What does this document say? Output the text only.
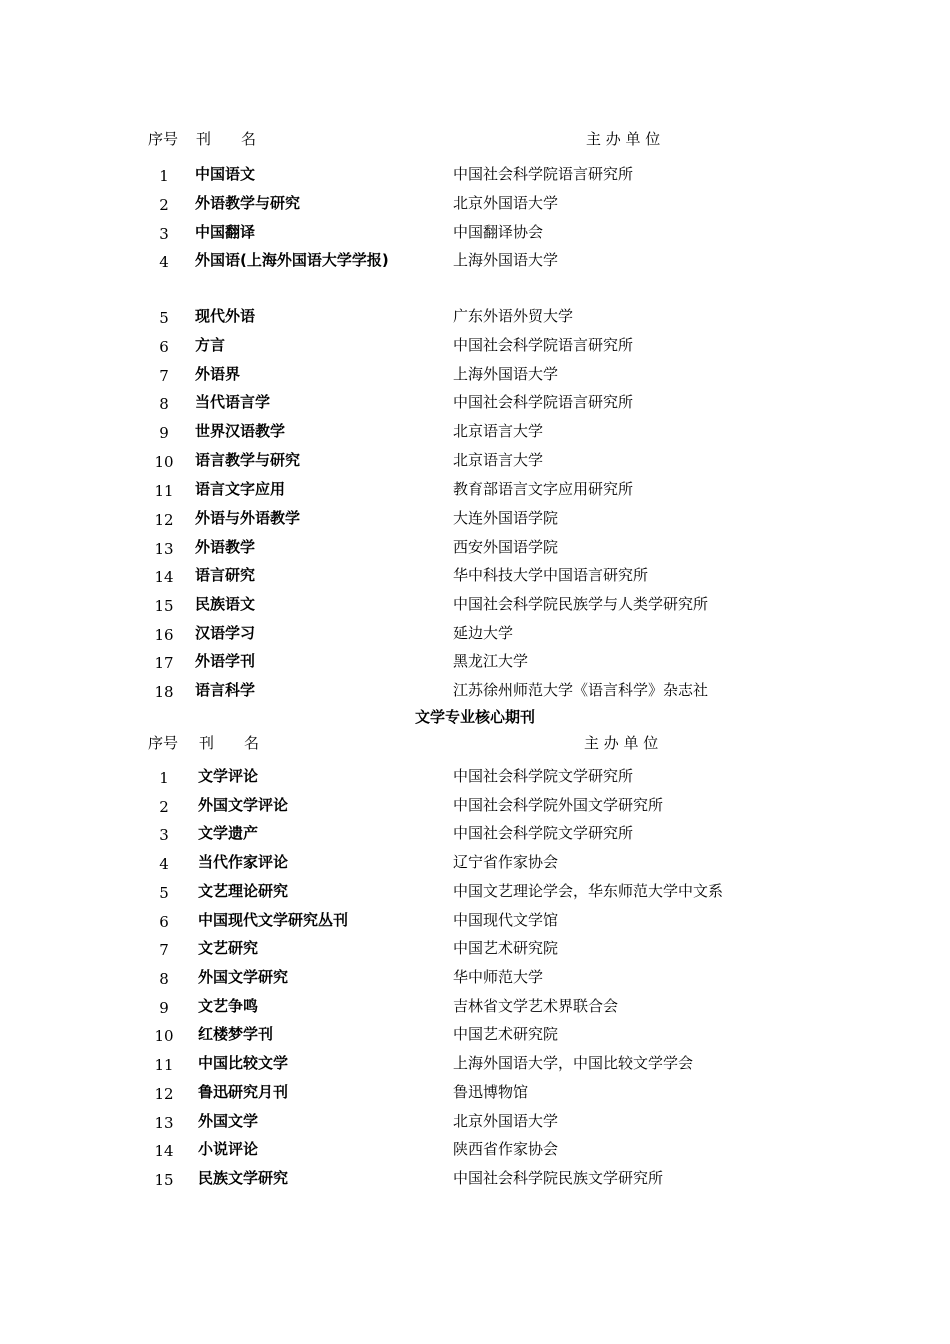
序号 刊　　名	主 办 单 位
1	中国语文	中国社会科学院语言研究所
2	外语教学与研究	北京外国语大学
3	中国翻译	中国翻译协会
4	外国语(上海外国语大学学报)	上海外国语大学
5	现代外语	广东外语外贸大学
6	方言	中国社会科学院语言研究所
7	外语界	上海外国语大学
8	当代语言学	中国社会科学院语言研究所
9	世界汉语教学	北京语言大学
10 语言教学与研究	北京语言大学
11 语言文字应用	教育部语言文字应用研究所
12 外语与外语教学	大连外国语学院
13 外语教学	西安外国语学院
14 语言研究	华中科技大学中国语言研究所
15 民族语文	中国社会科学院民族学与人类学研究所
16 汉语学习	延边大学
17 外语学刊	黑龙江大学
18 语言科学	江苏徐州师范大学《语言科学》杂志社
文学专业核心期刊
序号 刊　　名	主 办 单 位
1	文学评论	中国社会科学院文学研究所
2	外国文学评论	中国社会科学院外国文学研究所
3	文学遗产	中国社会科学院文学研究所
4	当代作家评论	辽宁省作家协会
5	文艺理论研究	中国文艺理论学会，华东师范大学中文系
6	中国现代文学研究丛刊	中国现代文学馆
7	文艺研究	中国艺术研究院
8	外国文学研究	华中师范大学
9	文艺争鸣	吉林省文学艺术界联合会
10 红楼梦学刊	中国艺术研究院
11 中国比较文学	上海外国语大学，中国比较文学学会
12 鲁迅研究月刊	鲁迅博物馆
13 外国文学	北京外国语大学
14 小说评论	陕西省作家协会
15 民族文学研究	中国社会科学院民族文学研究所
